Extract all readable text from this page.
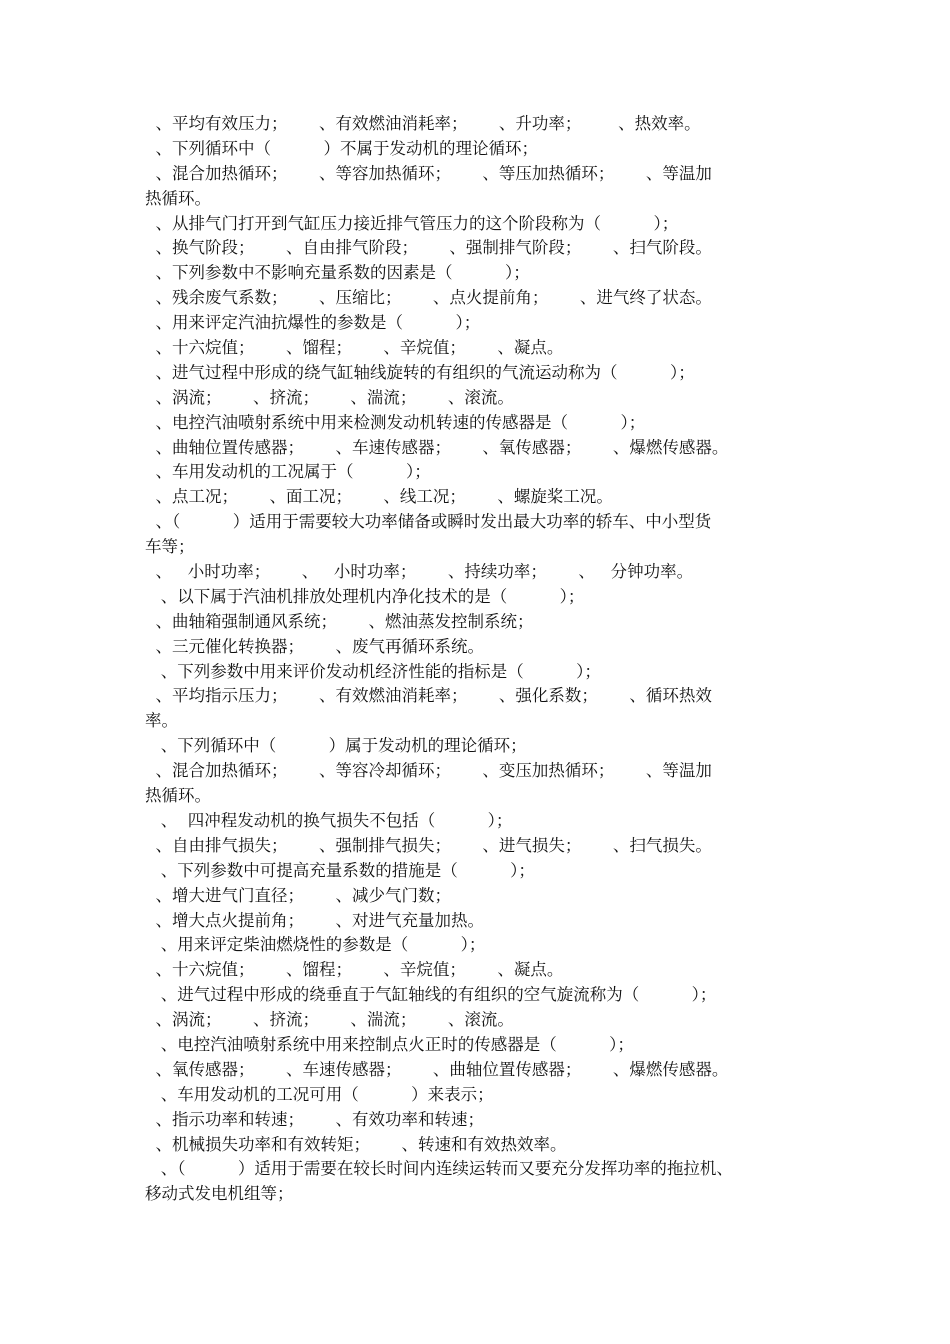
、平均有效压力；      、有效燃油消耗率；      、升功率；       、热效率。
、下列循环中（          ）不属于发动机的理论循环；
、混合加热循环；      、等容加热循环；      、等压加热循环；      、等温加
热循环。
、从排气门打开到气缸压力接近排气管压力的这个阶段称为（          ）；
、换气阶段；      、自由排气阶段；      、强制排气阶段；      、扫气阶段。
、下列参数中不影响充量系数的因素是（          ）；
、残余废气系数；      、压缩比；      、点火提前角；      、进气终了状态。
、用来评定汽油抗爆性的参数是（          ）；
、十六烷值；      、馏程；      、辛烷值；      、凝点。
、进气过程中形成的绕气缸轴线旋转的有组织的气流运动称为（          ）；
、涡流；      、挤流；      、湍流；      、滚流。
、电控汽油喷射系统中用来检测发动机转速的传感器是（          ）；
、曲轴位置传感器；      、车速传感器；      、氧传感器；      、爆燃传感器。
、车用发动机的工况属于（          ）；
、点工况；      、面工况；      、线工况；      、螺旋桨工况。
、（          ）适用于需要较大功率储备或瞬时发出最大功率的轿车、中小型货
车等；
、   小时功率；      、   小时功率；      、持续功率；      、   分钟功率。
、以下属于汽油机排放处理机内净化技术的是（          ）；
、曲轴箱强制通风系统；      、燃油蒸发控制系统；
、三元催化转换器；      、废气再循环系统。
、下列参数中用来评价发动机经济性能的指标是（          ）；
、平均指示压力；      、有效燃油消耗率；      、强化系数；      、循环热效
率。
、下列循环中（          ）属于发动机的理论循环；
、混合加热循环；      、等容冷却循环；      、变压加热循环；      、等温加
热循环。
、  四冲程发动机的换气损失不包括（          ）；
、自由排气损失；      、强制排气损失；      、进气损失；      、扫气损失。
、下列参数中可提高充量系数的措施是（          ）；
、增大进气门直径；      、减少气门数；
、增大点火提前角；      、对进气充量加热。
、用来评定柴油燃烧性的参数是（          ）；
、十六烷值；      、馏程；      、辛烷值；      、凝点。
、进气过程中形成的绕垂直于气缸轴线的有组织的空气旋流称为（          ）；
、涡流；      、挤流；      、湍流；      、滚流。
、电控汽油喷射系统中用来控制点火正时的传感器是（          ）；
、氧传感器；      、车速传感器；      、曲轴位置传感器；      、爆燃传感器。
、车用发动机的工况可用（          ）来表示；
、指示功率和转速；      、有效功率和转速；
、机械损失功率和有效转矩；      、转速和有效热效率。
、（          ）适用于需要在较长时间内连续运转而又要充分发挥功率的拖拉机、
移动式发电机组等；
